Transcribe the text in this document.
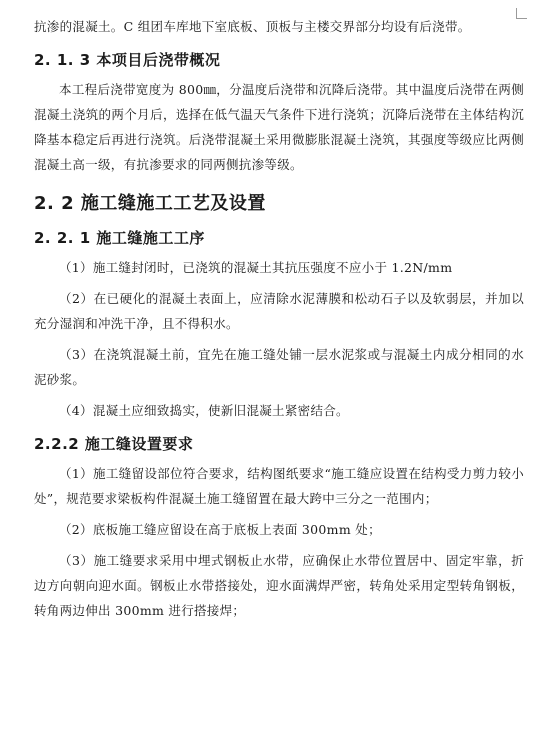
抗渗的混凝土。C 组团车库地下室底板、顶板与主楼交界部分均设有后浇带。

2. 1. 3 本项目后浇带概况

本工程后浇带宽度为 800㎜，分温度后浇带和沉降后浇带。其中温度后浇带在两侧混凝土浇筑的两个月后，选择在低气温天气条件下进行浇筑；沉降后浇带在主体结构沉降基本稳定后再进行浇筑。后浇带混凝土采用微膨胀混凝土浇筑，其强度等级应比两侧混凝土高一级，有抗渗要求的同两侧抗渗等级。

2. 2 施工缝施工工艺及设置
2. 2. 1 施工缝施工工序

（1）施工缝封闭时，已浇筑的混凝土其抗压强度不应小于 1.2N/mm

（2）在已硬化的混凝土表面上，应清除水泥薄膜和松动石子以及软弱层，并加以充分湿润和冲洗干净，且不得积水。

（3）在浇筑混凝土前，宜先在施工缝处铺一层水泥浆或与混凝土内成分相同的水泥砂浆。

（4）混凝土应细致捣实，使新旧混凝土紧密结合。

2.2.2 施工缝设置要求

（1）施工缝留设部位符合要求，结构图纸要求“施工缝应设置在结构受力剪力较小处”，规范要求梁板构件混凝土施工缝留置在最大跨中三分之一范围内；

（2）底板施工缝应留设在高于底板上表面 300mm 处；

（3）施工缝要求采用中埋式钢板止水带，应确保止水带位置居中、固定牢靠，折边方向朝向迎水面。钢板止水带搭接处，迎水面满焊严密，转角处采用定型转角钢板，转角两边伸出 300mm 进行搭接焊；
